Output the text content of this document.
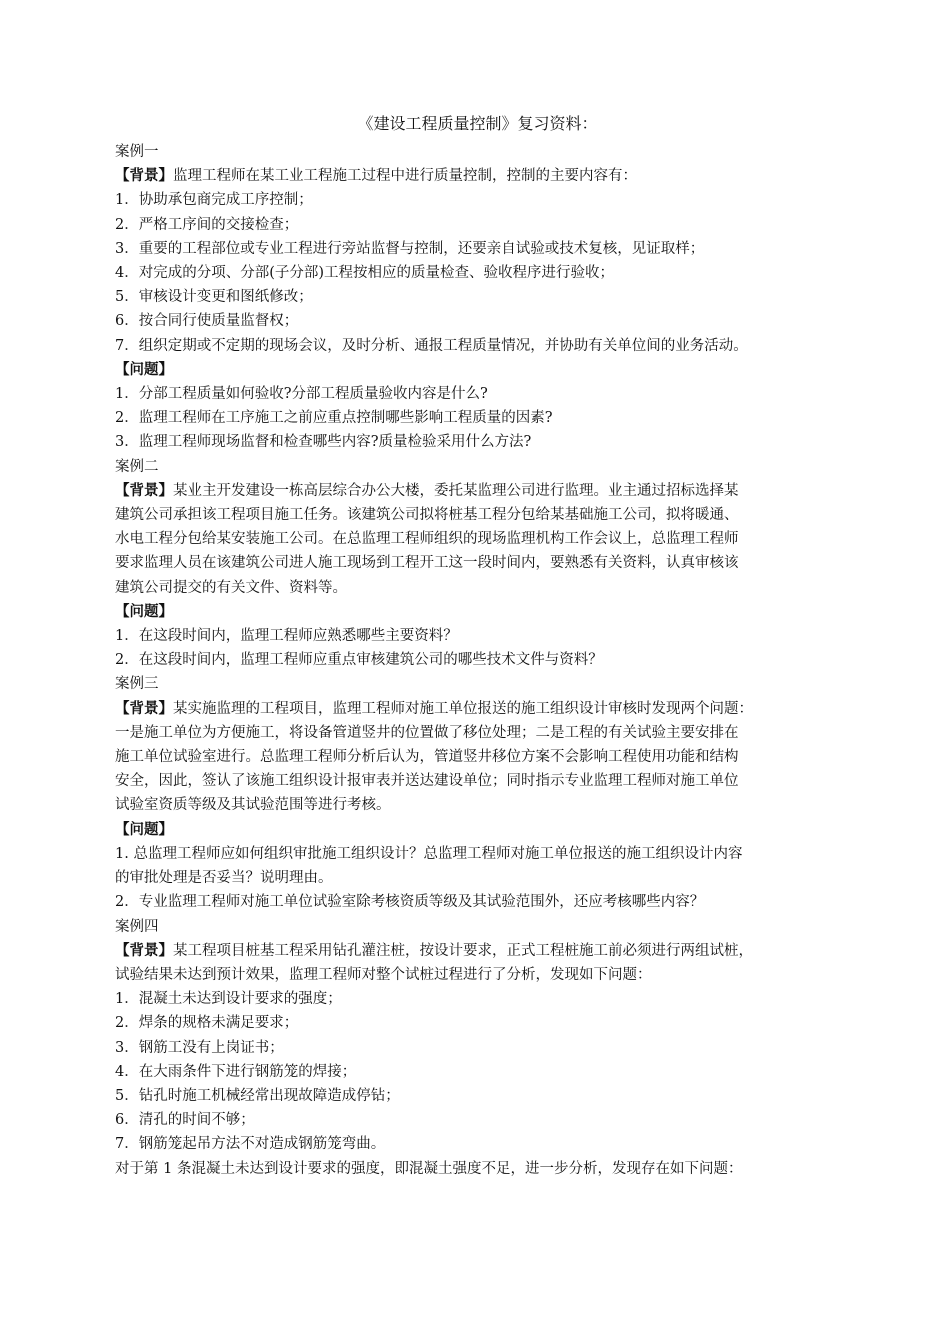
《建设工程质量控制》复习资料：

案例一

【背景】监理工程师在某工业工程施工过程中进行质量控制，控制的主要内容有：

1．协助承包商完成工序控制；

2．严格工序间的交接检查；

3．重要的工程部位或专业工程进行旁站监督与控制，还要亲自试验或技术复核，见证取样；

4．对完成的分项、分部(子分部)工程按相应的质量检查、验收程序进行验收；

5．审核设计变更和图纸修改；

6．按合同行使质量监督权；

7．组织定期或不定期的现场会议，及时分析、通报工程质量情况，并协助有关单位间的业务活动。

【问题】

1．分部工程质量如何验收?分部工程质量验收内容是什么?

2．监理工程师在工序施工之前应重点控制哪些影响工程质量的因素?

3．监理工程师现场监督和检查哪些内容?质量检验采用什么方法?

案例二

【背景】某业主开发建设一栋高层综合办公大楼，委托某监理公司进行监理。业主通过招标选择某

建筑公司承担该工程项目施工任务。该建筑公司拟将桩基工程分包给某基础施工公司，拟将暖通、

水电工程分包给某安装施工公司。在总监理工程师组织的现场监理机构工作会议上，总监理工程师

要求监理人员在该建筑公司进人施工现场到工程开工这一段时间内，要熟悉有关资料，认真审核该

建筑公司提交的有关文件、资料等。

【问题】

1．在这段时间内，监理工程师应熟悉哪些主要资料？

2．在这段时间内，监理工程师应重点审核建筑公司的哪些技术文件与资料？

案例三

【背景】某实施监理的工程项目，监理工程师对施工单位报送的施工组织设计审核时发现两个问题：

一是施工单位为方便施工，将设备管道竖井的位置做了移位处理；二是工程的有关试验主要安排在

施工单位试验室进行。总监理工程师分析后认为，管道竖井移位方案不会影响工程使用功能和结构

安全，因此，签认了该施工组织设计报审表并送达建设单位；同时指示专业监理工程师对施工单位

试验室资质等级及其试验范围等进行考核。

【问题】

1. 总监理工程师应如何组织审批施工组织设计？总监理工程师对施工单位报送的施工组织设计内容

的审批处理是否妥当？说明理由。

2．专业监理工程师对施工单位试验室除考核资质等级及其试验范围外，还应考核哪些内容？

案例四

【背景】某工程项目桩基工程采用钻孔灌注桩，按设计要求，正式工程桩施工前必须进行两组试桩，

试验结果未达到预计效果，监理工程师对整个试桩过程进行了分析，发现如下问题：

1．混凝土未达到设计要求的强度；

2．焊条的规格未满足要求；

3．钢筋工没有上岗证书；

4．在大雨条件下进行钢筋笼的焊接；

5．钻孔时施工机械经常出现故障造成停钻；

6．清孔的时间不够；

7．钢筋笼起吊方法不对造成钢筋笼弯曲。

对于第 1 条混凝土未达到设计要求的强度，即混凝土强度不足，进一步分析，发现存在如下问题：
